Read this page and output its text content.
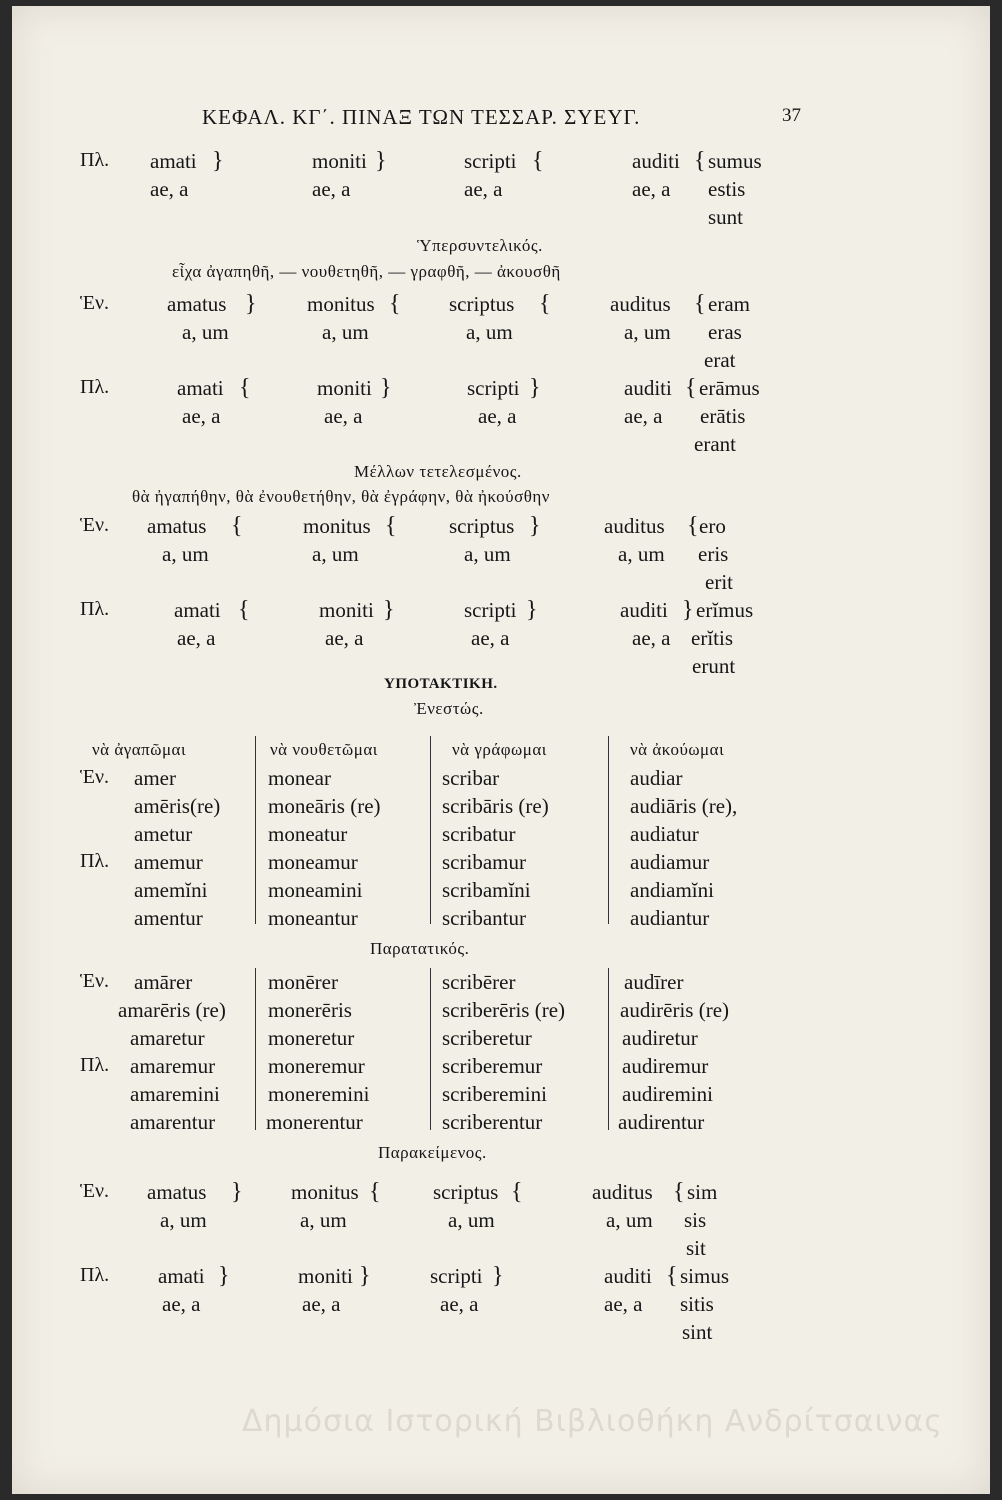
ΚΕΦΑΛ. ΚΓ΄. ΠΙΝΑΞ ΤΩΝ ΤΕΣΣΑΡ. ΣΥΕΥΓ.	37
Πλ. amati }	moniti }	scripti {	auditi { sumus
ae, a	ae, a	ae, a	ae, a estis
sunt
Ὑπερσυντελικός.
εἶχα ἀγαπηθῆ, — νουθετηθῆ, — γραφθῆ, — ἀκουσθῆ
Ἑν.	amatus } monitus { scriptus {	auditus { eram
a, um	a, um	a, um	a, um eras
erat
Πλ.	amati {	moniti }	scripti }	auditi { erāmus
ae, a	ae, a	ae, a	ae, a erātis
erant
Μέλλων τετελεσμένος.
θὰ ἠγαπήθην, θὰ ἐνουθετήθην, θὰ ἐγράφην, θὰ ἠκούσθην
Ἑν. amatus {	monitus { scriptus }	auditus { ero
a, um	a, um	a, um	a, um eris
erit
Πλ.	amati {	moniti }	scripti }	auditi } erĭmus
ae, a	ae, a	ae, a	ae, a erĭtis
erunt
ΥΠΟΤΑΚΤΙΚΗ.
Ἐνεστώς.
νὰ ἀγαπῶμαι	νὰ νουθετῶμαι	νὰ γράφωμαι	νὰ ἀκούωμαι
Ἑν.
Πλ.
amer	monear	scribar	audiar
amēris(re) moneāris (re)	scribāris (re)	audiāris (re),
ametur	moneatur	scribatur	audiatur
amemur	moneamur	scribamur	audiamur
amemĭni	moneamini	scribamĭni	andiamĭni
amentur	moneantur	scribantur	audiantur
Παρατατικός.
Ἑν.
Πλ.
amārer	monērer	scribērer	audīrer
amarēris (re) monerēris	scriberēris (re)	audirēris (re)
amaretur	moneretur	scriberetur	audiretur
amaremur	moneremur	scriberemur	audiremur
amaremini moneremini	scriberemini	audiremini
amarentur monerentur	scriberentur	audirentur
Παρακείμενος.
Ἑν. amatus } monitus { scriptus {	auditus { sim
a, um	a, um	a, um	a, um sis
sit
Πλ. amati }	moniti }	scripti }	auditi { simus
ae, a	ae, a	ae, a	ae, a sitis
sint
Δημόσια Ιστορική Βιβλιοθήκη Ανδρίτσαινας
